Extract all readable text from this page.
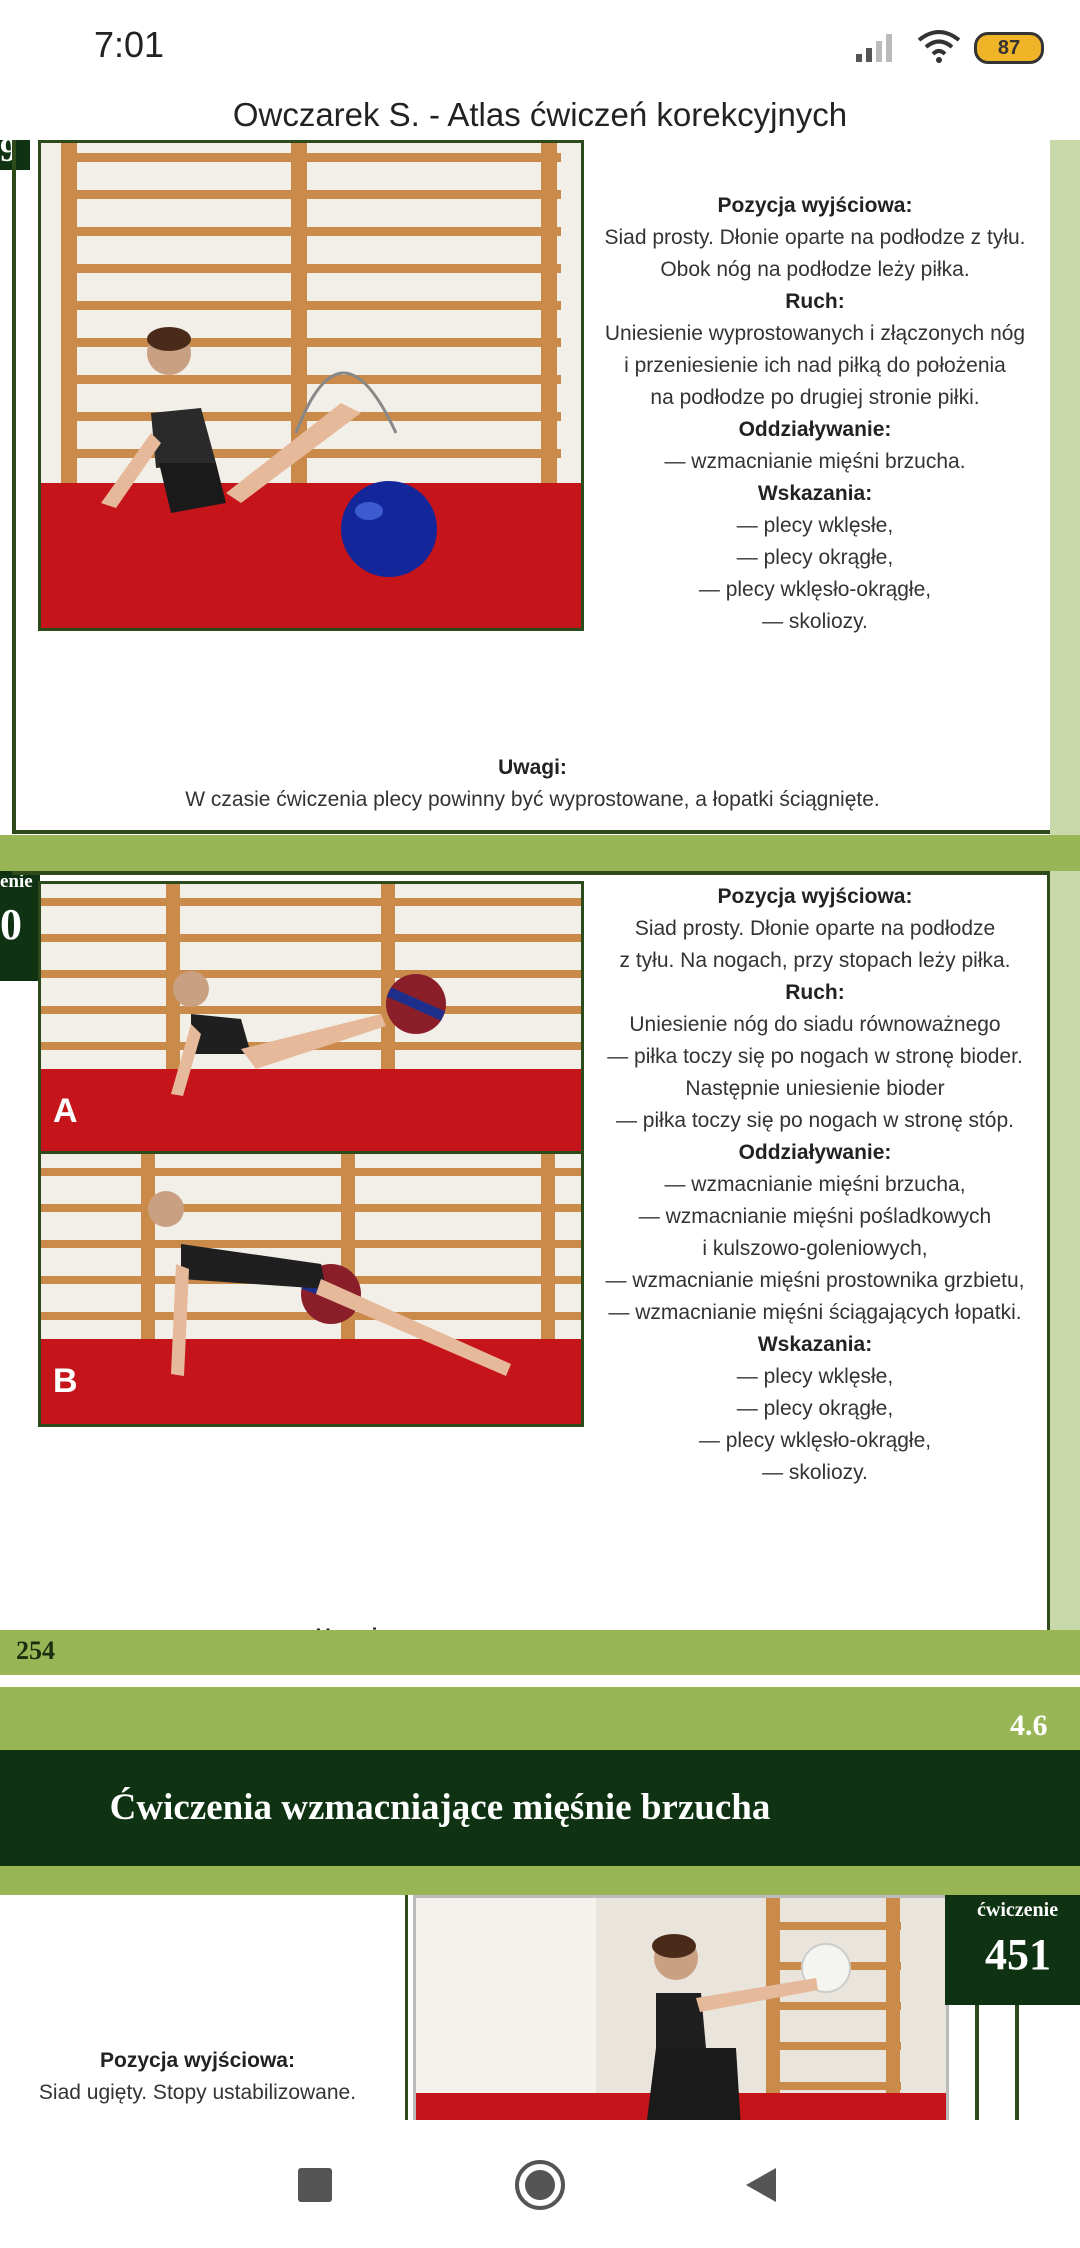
7:01	87
Owczarek S. - Atlas ćwiczeń korekcyjnych
9
Pozycja wyjściowa:
Siad prosty. Dłonie oparte na podłodze z tyłu.
Obok nóg na podłodze leży piłka.
Ruch:
Uniesienie wyprostowanych i złączonych nóg
i przeniesienie ich nad piłką do położenia
na podłodze po drugiej stronie piłki.
Oddziaływanie:
— wzmacnianie mięśni brzucha.
Wskazania:
— plecy wklęsłe,
— plecy okrągłe,
— plecy wklęsło-okrągłe,
— skoliozy.
Uwagi:
W czasie ćwiczenia plecy powinny być wyprostowane, a łopatki ściągnięte.
enie
0
A
B
Pozycja wyjściowa:
Siad prosty. Dłonie oparte na podłodze
z tyłu. Na nogach, przy stopach leży piłka.
Ruch:
Uniesienie nóg do siadu równoważnego
— piłka toczy się po nogach w stronę bioder.
Następnie uniesienie bioder
— piłka toczy się po nogach w stronę stóp.
Oddziaływanie:
— wzmacnianie mięśni brzucha,
— wzmacnianie mięśni pośladkowych
i kulszowo-goleniowych,
— wzmacnianie mięśni prostownika grzbietu,
— wzmacnianie mięśni ściągających łopatki.
Wskazania:
— plecy wklęsłe,
— plecy okrągłe,
— plecy wklęsło-okrągłe,
— skoliozy.
254
4.6
Ćwiczenia wzmacniające mięśnie brzucha
ćwiczenie
451
Pozycja wyjściowa:
Siad ugięty. Stopy ustabilizowane.
